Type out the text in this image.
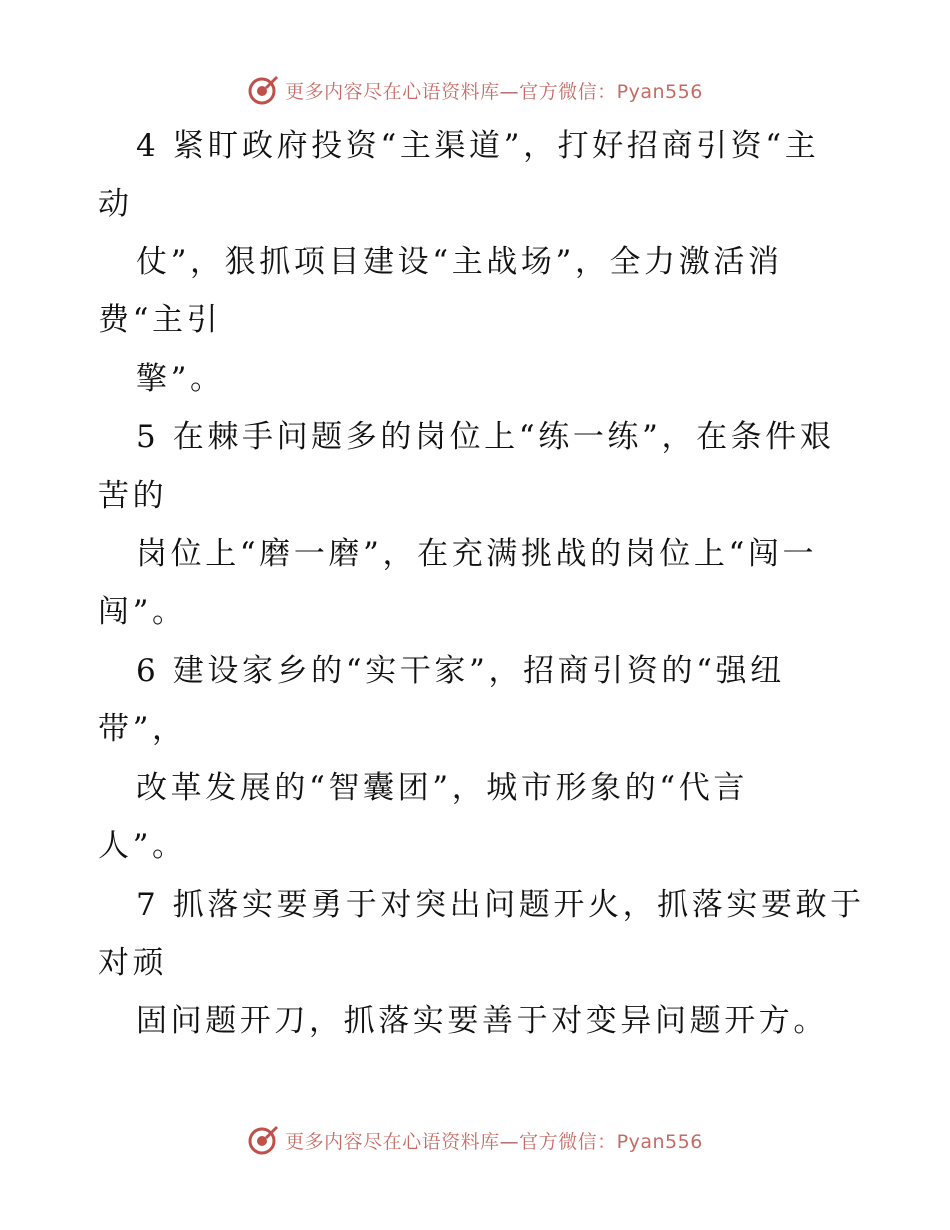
更多内容尽在心语资料库—官方微信：Pyan556
4 紧盯政府投资“主渠道”，打好招商引资“主
动
仗”，狠抓项目建设“主战场”，全力激活消
费“主引
擎”。
5 在棘手问题多的岗位上“练一练”，在条件艰
苦的
岗位上“磨一磨”，在充满挑战的岗位上“闯一
闯”。
6 建设家乡的“实干家”，招商引资的“强纽
带”，
改革发展的“智囊团”，城市形象的“代言
人”。
7 抓落实要勇于对突出问题开火，抓落实要敢于
对顽
固问题开刀，抓落实要善于对变异问题开方。
更多内容尽在心语资料库—官方微信：Pyan556
